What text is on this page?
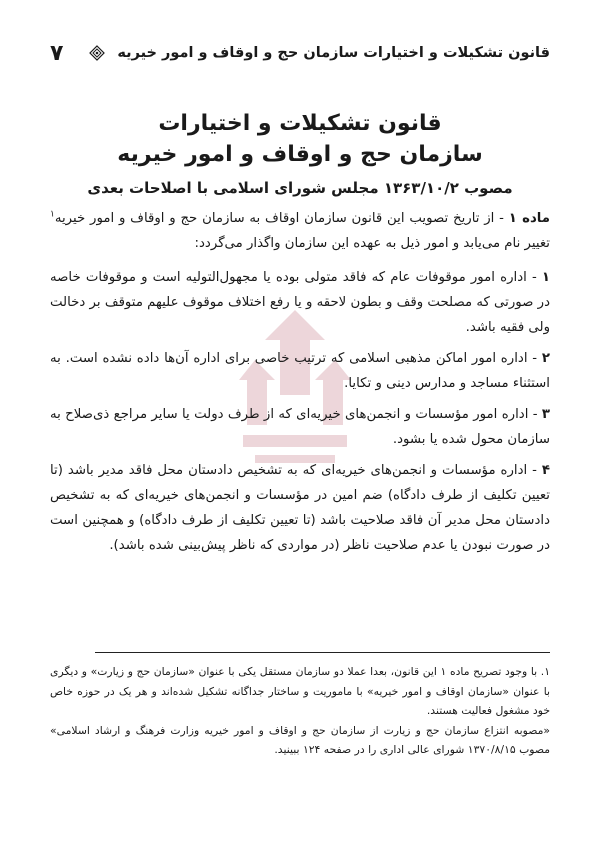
قانون تشکیلات و اختیارات سازمان حج و اوقاف و امور خیریه
۷
قانون تشکیلات و اختیارات
سازمان حج و اوقاف و امور خیریه
مصوب ۱۳۶۳/۱۰/۲ مجلس شورای اسلامی با اصلاحات بعدی

ماده ۱ - از تاریخ تصویب این قانون سازمان اوقاف به سازمان حج و اوقاف و امور خیریه$^۱$ تغییر نام می‌یابد و امور ذیل به عهده این سازمان واگذار می‌گردد:

۱ - اداره امور موقوفات عام که فاقد متولی بوده یا مجهول‌التولیه است و موقوفات خاصه در صورتی که مصلحت وقف و بطون لاحقه و یا رفع اختلاف موقوف علیهم متوقف بر دخالت ولی فقیه باشد.

۲ - اداره امور اماکن مذهبی اسلامی که ترتیب خاصی برای اداره آن‌ها داده نشده است. به استثناء مساجد و مدارس دینی و تکایا.

۳ - اداره امور مؤسسات و انجمن‌های خیریه‌ای که از طرف دولت یا سایر مراجع ذی‌صلاح به سازمان محول شده یا بشود.

۴ - اداره مؤسسات و انجمن‌های خیریه‌ای که به تشخیص دادستان محل فاقد مدیر باشد (تا تعیین تکلیف از طرف دادگاه) ضم امین در مؤسسات و انجمن‌های خیریه‌ای که به تشخیص دادستان محل مدیر آن فاقد صلاحیت باشد (تا تعیین تکلیف از طرف دادگاه) و همچنین است در صورت نبودن یا عدم صلاحیت ناظر (در مواردی که ناظر پیش‌بینی شده باشد).

۱. با وجود تصریح ماده ۱ این قانون، بعدا عملا دو سازمان مستقل یکی با عنوان «سازمان حج و زیارت» و دیگری با عنوان «سازمان اوقاف و امور خیریه» با ماموریت و ساختار جداگانه تشکیل شده‌اند و هر یک در حوزه خاص خود مشغول فعالیت هستند.

«مصوبه انتزاع سازمان حج و زیارت از سازمان حج و اوقاف و امور خیریه وزارت فرهنگ و ارشاد اسلامی» مصوب ۱۳۷۰/۸/۱۵ شورای عالی اداری را در صفحه ۱۲۴ ببینید.
